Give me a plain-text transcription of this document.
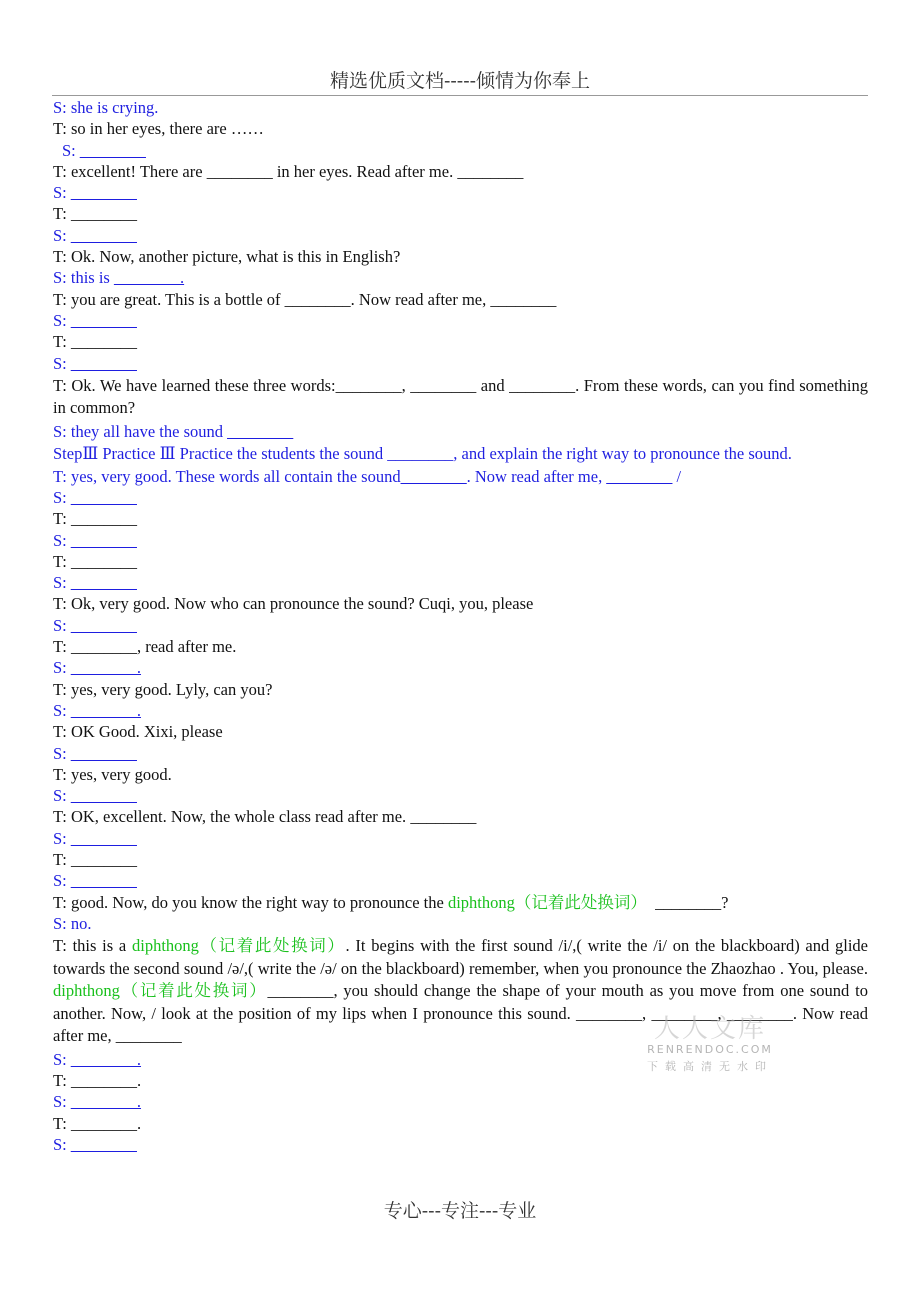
精选优质文档-----倾情为你奉上
S: she is crying.
T: so in her eyes, there are ……
S: ________
T: excellent! There are ________ in her eyes. Read after me. ________
S: ________
T: ________
S: ________
T: Ok. Now, another picture, what is this in English?
S: this is ________.
T: you are great. This is a bottle of ________. Now read after me, ________
S: ________
T: ________
S: ________
T: Ok. We have learned these three words:________, ________ and ________. From these words, can you find something in common?
S: they all have the sound ________
StepⅢ Practice Ⅲ Practice the students the sound ________, and explain the right way to pronounce the sound.
T: yes, very good. These words all contain the sound________. Now read after me, ________ /
S: ________
T: ________
S: ________
T: ________
S: ________
T: Ok, very good. Now who can pronounce the sound? Cuqi, you, please
S: ________
T: ________, read after me.
S: ________.
T: yes, very good. Lyly, can you?
S: ________.
T: OK Good. Xixi, please
S: ________
T: yes, very good.
S: ________
T: OK, excellent. Now, the whole class read after me. ________
S: ________
T: ________
S: ________
T: good. Now, do you know the right way to pronounce the diphthong（记着此处换词） ________?
S: no.
T: this is a diphthong（记着此处换词）. It begins with the first sound /i/,( write the /i/ on the blackboard) and glide towards the second sound /ə/,( write the /ə/ on the blackboard) remember, when you pronounce the Zhaozhao . You, please. diphthong（记着此处换词）________, you should change the shape of your mouth as you move from one sound to another. Now, / look at the position of my lips when I pronounce this sound. ________, ________, ________. Now read after me, ________
S: ________.
T: ________.
S: ________.
T: ________.
S: ________
人人文库
RENRENDOC.COM
下载高清无水印
专心---专注---专业
